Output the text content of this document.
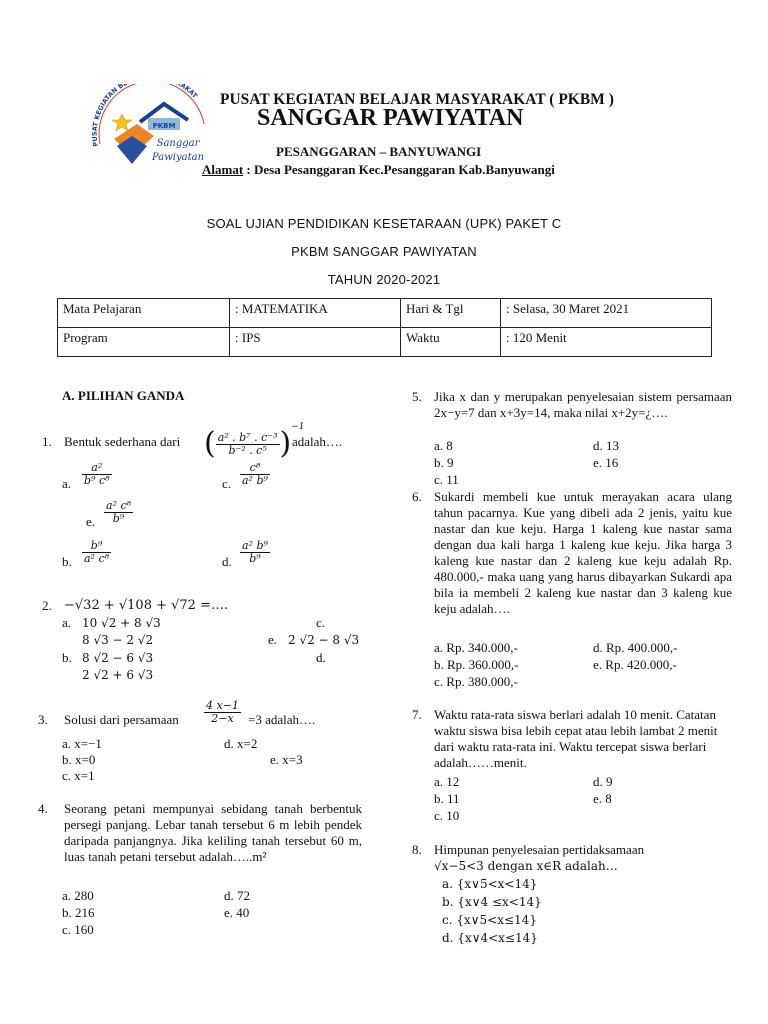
P T KEGIATAN B AKAT
PKBM
Sanggar
Pawiyatan
PUSAT KEGIATAN BELAJAR MASYARAKAT ( PKBM )
SANGGAR PAWIYATAN
PESANGGARAN – BANYUWANGI
Alamat : Desa Pesanggaran Kec.Pesanggaran Kab.Banyuwangi
SOAL UJIAN PENDIDIKAN KESETARAAN (UPK) PAKET C
PKBM SANGGAR PAWIYATAN
TAHUN 2020-2021
Mata Pelajaran	: MATEMATIKA	Hari & Tgl	: Selasa, 30 Maret 2021
Program	: IPS	Waktu	: 120 Menit
A. PILIHAN GANDA
1. Bentuk sederhana dari ( $\frac{\text{a² . b⁷ . c⁻³}}{\text{b⁻² . c⁵}} )^{-1}$
adalah….
a. $\frac{\text{a²}}{\text{b⁹ c⁸}}$	c. $\frac{\text{c⁸}}{\text{a² b⁹}}$
e. $\frac{\text{a² c⁸}}{\text{b⁹}}$
b. $\frac{\text{b⁹}}{\text{a² c⁸}}$	d. $\frac{\text{a² b⁹}}{\text{b⁹}}$
2. −√32 + √108 + √72 =….
a. 10 √2 + 8 √3	c.
8 √3 − 2 √2	e. 2 √2 − 8 √3
b. 8 √2 − 6 √3	d.
2 √2 + 6 √3
3. Solusi dari persamaan $\frac{4 x-1}{2-x} =3$ adalah….
a. x=−1	d. x=2
b. x=0	e. x=3
c. x=1
4. Seorang petani mempunyai sebidang tanah berbentuk persegi panjang. Lebar tanah tersebut 6 m lebih pendek daripada panjangnya. Jika keliling tanah tersebut 60 m, luas tanah petani tersebut adalah…..m²
a. 280	d. 72
b. 216	e. 40
c. 160
5. Jika x dan y merupakan penyelesaian sistem persamaan 2x−y=7 dan x+3y=14, maka nilai x+2y=¿….
a. 8	d. 13
b. 9	e. 16
c. 11
6. Sukardi membeli kue untuk merayakan acara ulang tahun pacarnya. Kue yang dibeli ada 2 jenis, yaitu kue nastar dan kue keju. Harga 1 kaleng kue nastar sama dengan dua kali harga 1 kaleng kue keju. Jika harga 3 kaleng kue nastar dan 2 kaleng kue keju adalah Rp. 480.000,- maka uang yang harus dibayarkan Sukardi apa bila ia membeli 2 kaleng kue nastar dan 3 kaleng kue keju adalah….
a. Rp. 340.000,-	d. Rp. 400.000,-
b. Rp. 360.000,-	e. Rp. 420.000,-
c. Rp. 380.000,-
7. Waktu rata-rata siswa berlari adalah 10 menit. Catatan waktu siswa bisa lebih cepat atau lebih lambat 2 menit dari waktu rata-rata ini. Waktu tercepat siswa berlari adalah……menit.
a. 12	d. 9
b. 11	e. 8
c. 10
8. Himpunan penyelesaian pertidaksamaan
√x−5<3 dengan x∈R adalah…
a. {x∨5<x<14}
b. {x∨4 ≤x<14}
c. {x∨5<x≤14}
d. {x∨4<x≤14}
